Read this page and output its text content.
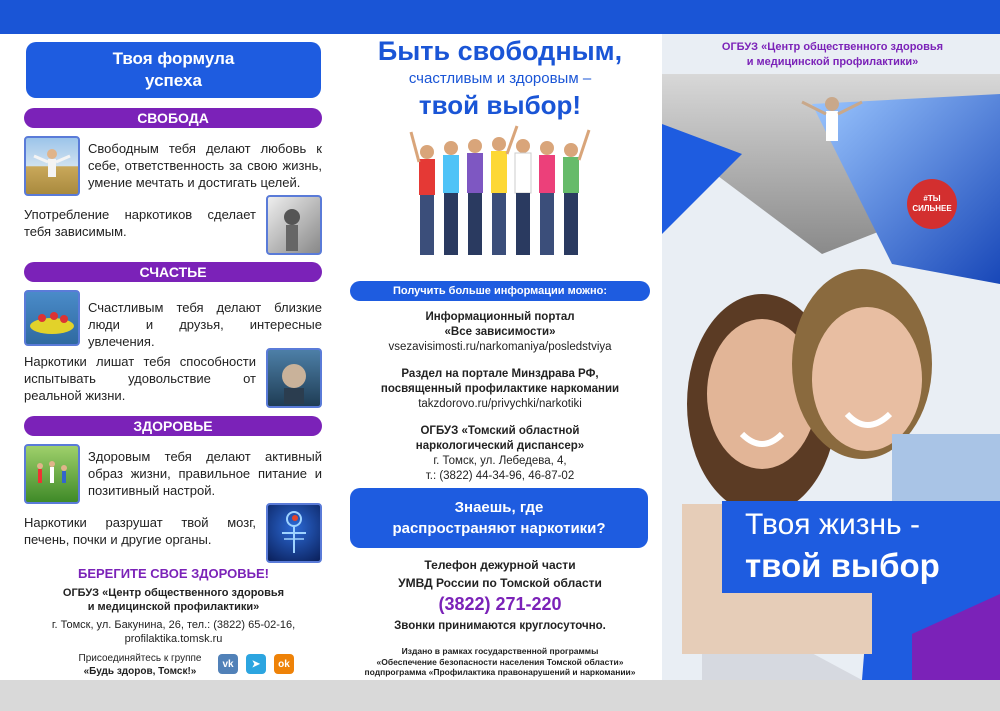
Твоя формула
успеха
СВОБОДА
Свободным тебя делают любовь к себе, ответственность за свою жизнь, умение мечтать и достигать целей.
Употребление наркотиков сделает тебя зависимым.
СЧАСТЬЕ
Счастливым тебя делают близкие люди и друзья, интересные увлечения.
Наркотики лишат тебя способности испытывать удовольствие от реальной жизни.
ЗДОРОВЬЕ
Здоровым тебя делают активный образ жизни, правильное питание и позитивный настрой.
Наркотики разрушат твой мозг, печень, почки и другие органы.
БЕРЕГИТЕ СВОЕ ЗДОРОВЬЕ!
ОГБУЗ «Центр общественного здоровья
и медицинской профилактики»
г. Томск, ул. Бакунина, 26, тел.: (3822) 65-02-16,
profilaktika.tomsk.ru
Присоединяйтесь к группе
«Будь здоров, Томск!»
vk	➤	ok
Быть свободным,
счастливым и здоровым –
твой выбор!
Получить больше информации можно:
Информационный портал
«Все зависимости»
vsezavisimosti.ru/narkomaniya/posledstviya
Раздел на портале Минздрава РФ,
посвященный профилактике наркомании
takzdorovo.ru/privychki/narkotiki
ОГБУЗ «Томский областной
наркологический диспансер»
г. Томск, ул. Лебедева, 4,
т.: (3822) 44-34-96, 46-87-02
Знаешь, где
распространяют наркотики?
Телефон дежурной части
УМВД России по Томской области
(3822) 271-220
Звонки принимаются круглосуточно.
Издано в рамках государственной программы
«Обеспечение безопасности населения Томской области»
подпрограмма «Профилактика правонарушений и наркомании»
#ТЫ
СИЛЬНЕЕ
ОГБУЗ «Центр общественного здоровья
и медицинской профилактики»
Твоя жизнь -
твой выбор
